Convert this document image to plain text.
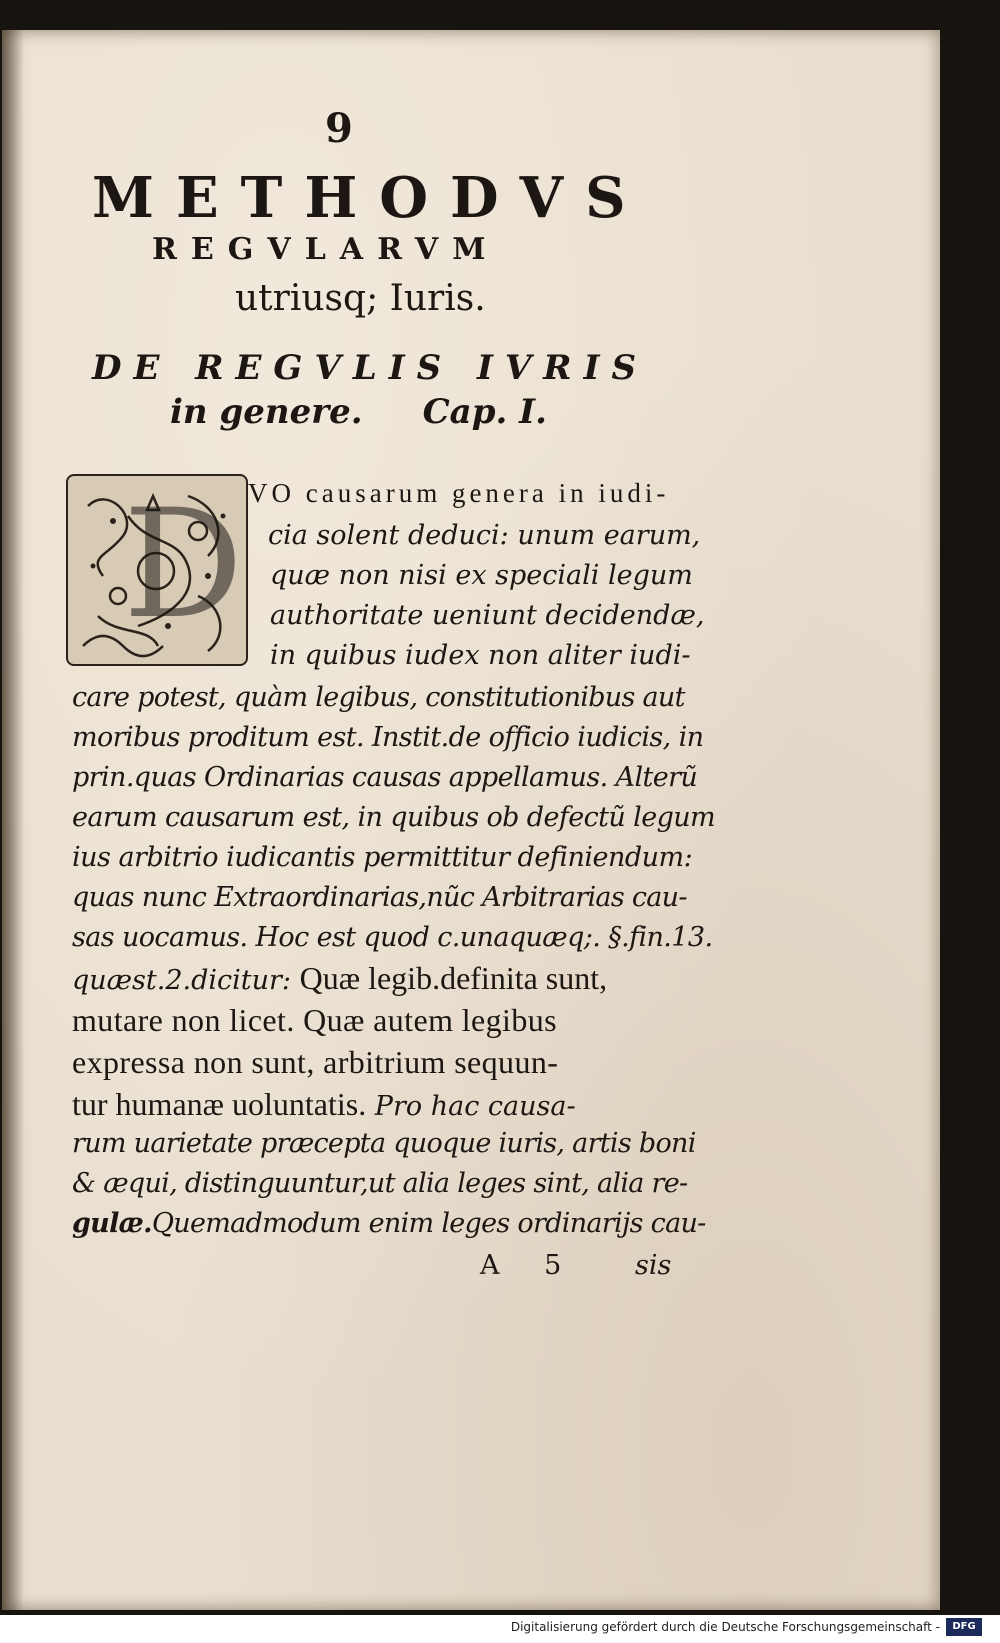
9
METHODVS
REGVLARVM
utriusq; Iuris.
DE REGVLIS IVRIS
in genere. Cap. I.
D VO causarum genera in iudi-
cia solent deduci: unum earum,
quæ non nisi ex speciali legum
authoritate ueniunt decidendæ,
in quibus iudex non aliter iudi-
care potest, quàm legibus, constitutionibus aut
moribus proditum est. Instit.de officio iudicis, in
prin.quas Ordinarias causas appellamus. Alterũ
earum causarum est, in quibus ob defectũ legum
ius arbitrio iudicantis permittitur definiendum:
quas nunc Extraordinarias,nũc Arbitrarias cau-
sas uocamus. Hoc est quod c.unaquæq;. §.fin.13.
quæst.2.dicitur: Quæ legib.definita sunt,
mutare non licet. Quæ autem legibus
expressa non sunt, arbitrium sequun-
tur humanæ uoluntatis. Pro hac causa-
rum uarietate præcepta quoque iuris, artis boni
& æqui, distinguuntur,ut alia leges sint, alia re-
gulæ.Quemadmodum enim leges ordinarijs cau-
A 5 sis
Digitalisierung gefördert durch die Deutsche Forschungsgemeinschaft -	DFG
